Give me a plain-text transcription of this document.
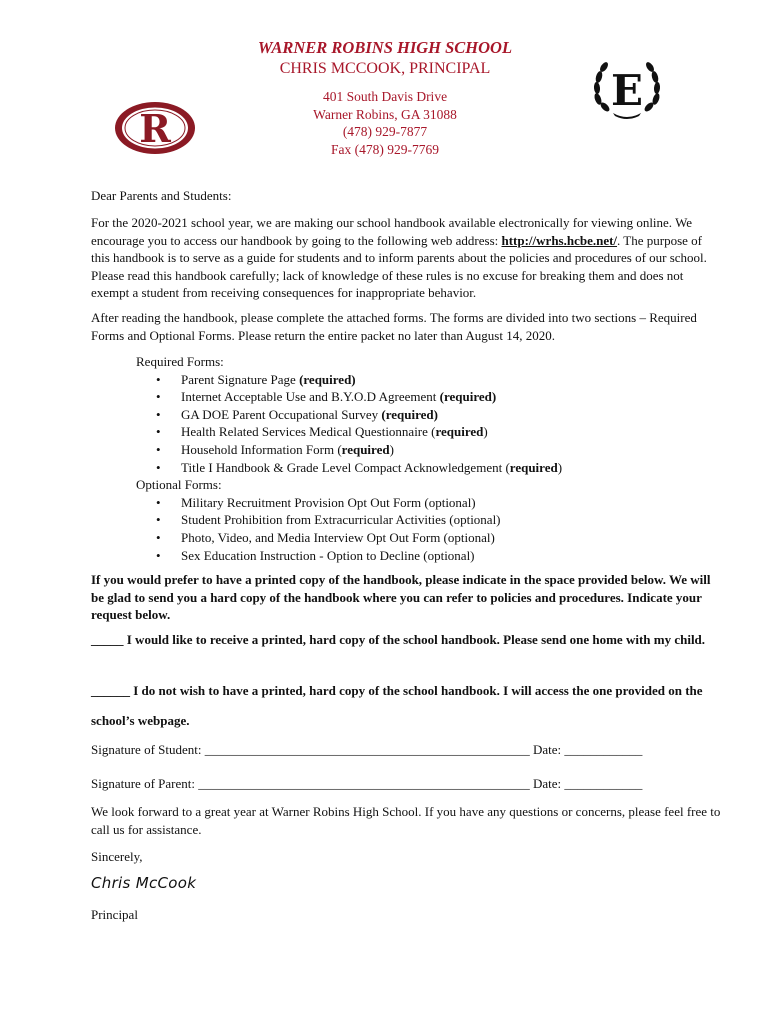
WARNER ROBINS HIGH SCHOOL
CHRIS MCCOOK, PRINCIPAL
401 South Davis Drive
Warner Robins, GA 31088
(478) 929-7877
Fax (478) 929-7769
R
E

Dear Parents and Students:

For the 2020-2021 school year, we are making our school handbook available electronically for viewing online. We encourage you to access our handbook by going to the following web address: http://wrhs.hcbe.net/. The purpose of this handbook is to serve as a guide for students and to inform parents about the policies and procedures of our school. Please read this handbook carefully; lack of knowledge of these rules is no excuse for breaking them and does not exempt a student from receiving consequences for inappropriate behavior.

After reading the handbook, please complete the attached forms. The forms are divided into two sections – Required Forms and Optional Forms. Please return the entire packet no later than August 14, 2020.

Required Forms:
• Parent Signature Page (required)
• Internet Acceptable Use and B.Y.O.D Agreement (required)
• GA DOE Parent Occupational Survey (required)
• Health Related Services Medical Questionnaire (required)
• Household Information Form (required)
• Title I Handbook & Grade Level Compact Acknowledgement (required)
Optional Forms:
• Military Recruitment Provision Opt Out Form (optional)
• Student Prohibition from Extracurricular Activities (optional)
• Photo, Video, and Media Interview Opt Out Form (optional)
• Sex Education Instruction - Option to Decline (optional)

If you would prefer to have a printed copy of the handbook, please indicate in the space provided below. We will be glad to send you a hard copy of the handbook where you can refer to policies and procedures. Indicate your request below.

_____ I would like to receive a printed, hard copy of the school handbook. Please send one home with my child.

______ I do not wish to have a printed, hard copy of the school handbook. I will access the one provided on the school’s webpage.

Signature of Student: __________________________________________________ Date: ____________

Signature of Parent: ___________________________________________________ Date: ____________

We look forward to a great year at Warner Robins High School. If you have any questions or concerns, please feel free to call us for assistance.

Sincerely,

Chris McCook
Principal
